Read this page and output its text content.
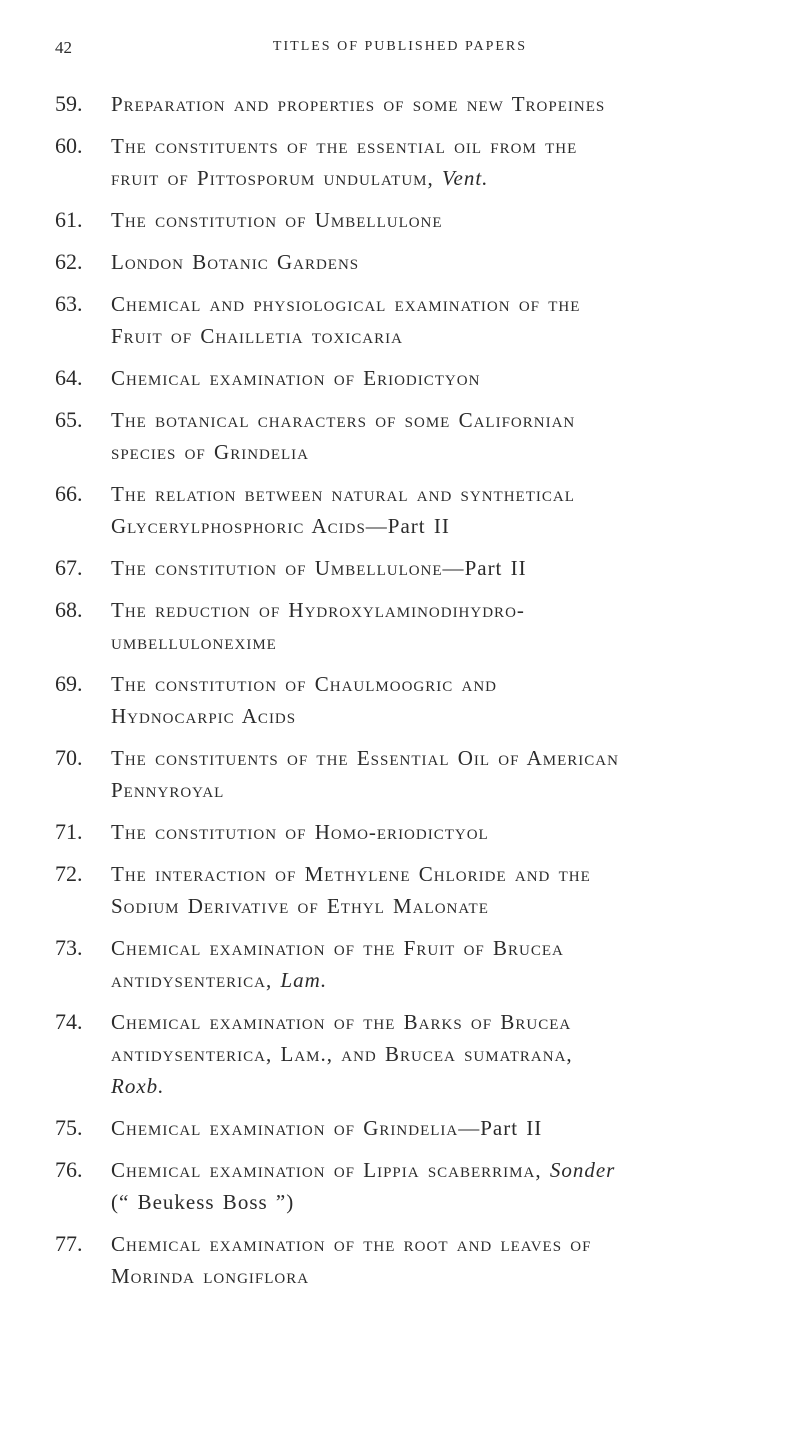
42	TITLES OF PUBLISHED PAPERS
59. Preparation and properties of some new Tropeines
60. The constituents of the essential oil from the
fruit of Pittosporum undulatum, Vent.
61. The constitution of Umbellulone
62. London Botanic Gardens
63. Chemical and physiological examination of the
Fruit of Chailletia toxicaria
64. Chemical examination of Eriodictyon
65. The botanical characters of some Californian
species of Grindelia
66. The relation between natural and synthetical
Glycerylphosphoric Acids—Part II
67. The constitution of Umbellulone—Part II
68. The reduction of Hydroxylaminodihydro-
umbellulonexime
69. The constitution of Chaulmoogric and
Hydnocarpic Acids
70. The constituents of the Essential Oil of American
Pennyroyal
71. The constitution of Homo-eriodictyol
72. The interaction of Methylene Chloride and the
Sodium Derivative of Ethyl Malonate
73. Chemical examination of the Fruit of Brucea
antidysenterica, Lam.
74. Chemical examination of the Barks of Brucea
antidysenterica, Lam., and Brucea sumatrana,
Roxb.
75. Chemical examination of Grindelia—Part II
76. Chemical examination of Lippia scaberrima, Sonder
(“ Beukess Boss ”)
77. Chemical examination of the root and leaves of
Morinda longiflora
